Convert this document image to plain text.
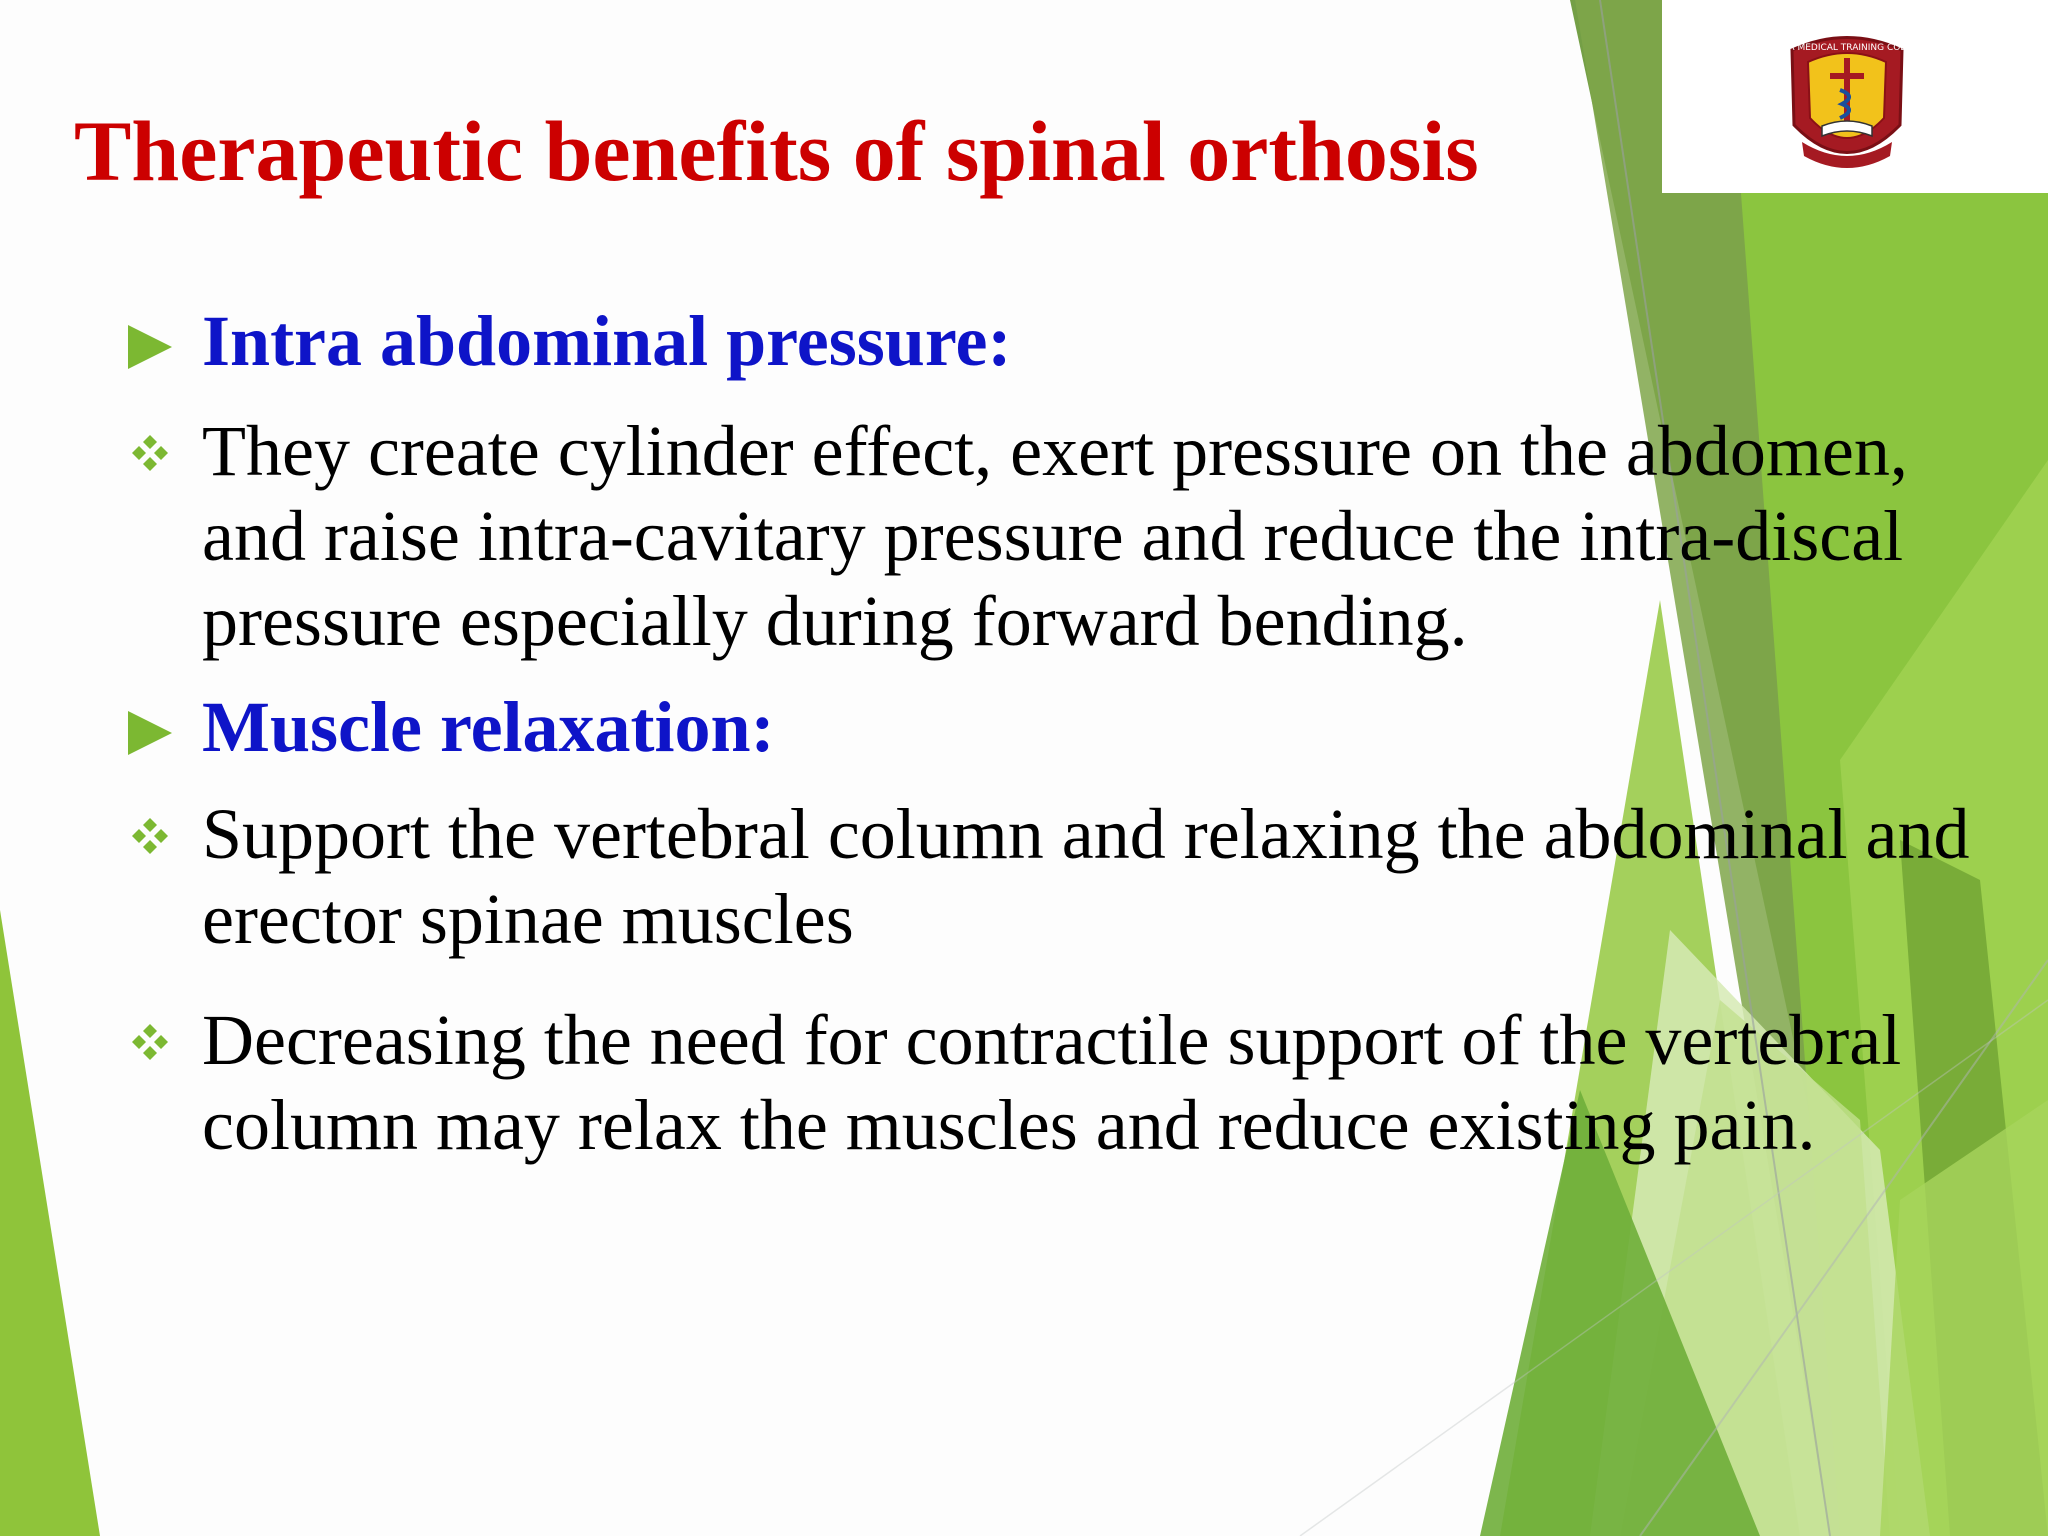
KENYA MEDICAL TRAINING COLLEGE
Therapeutic benefits of spinal orthosis
Intra abdominal pressure:
They create cylinder effect, exert pressure on the abdomen, and raise intra-cavitary pressure and reduce the intra-discal pressure especially during forward bending.
Muscle relaxation:
Support the vertebral column and relaxing the abdominal and erector spinae muscles
Decreasing the need for contractile support of the vertebral column may relax the muscles and reduce existing pain.
